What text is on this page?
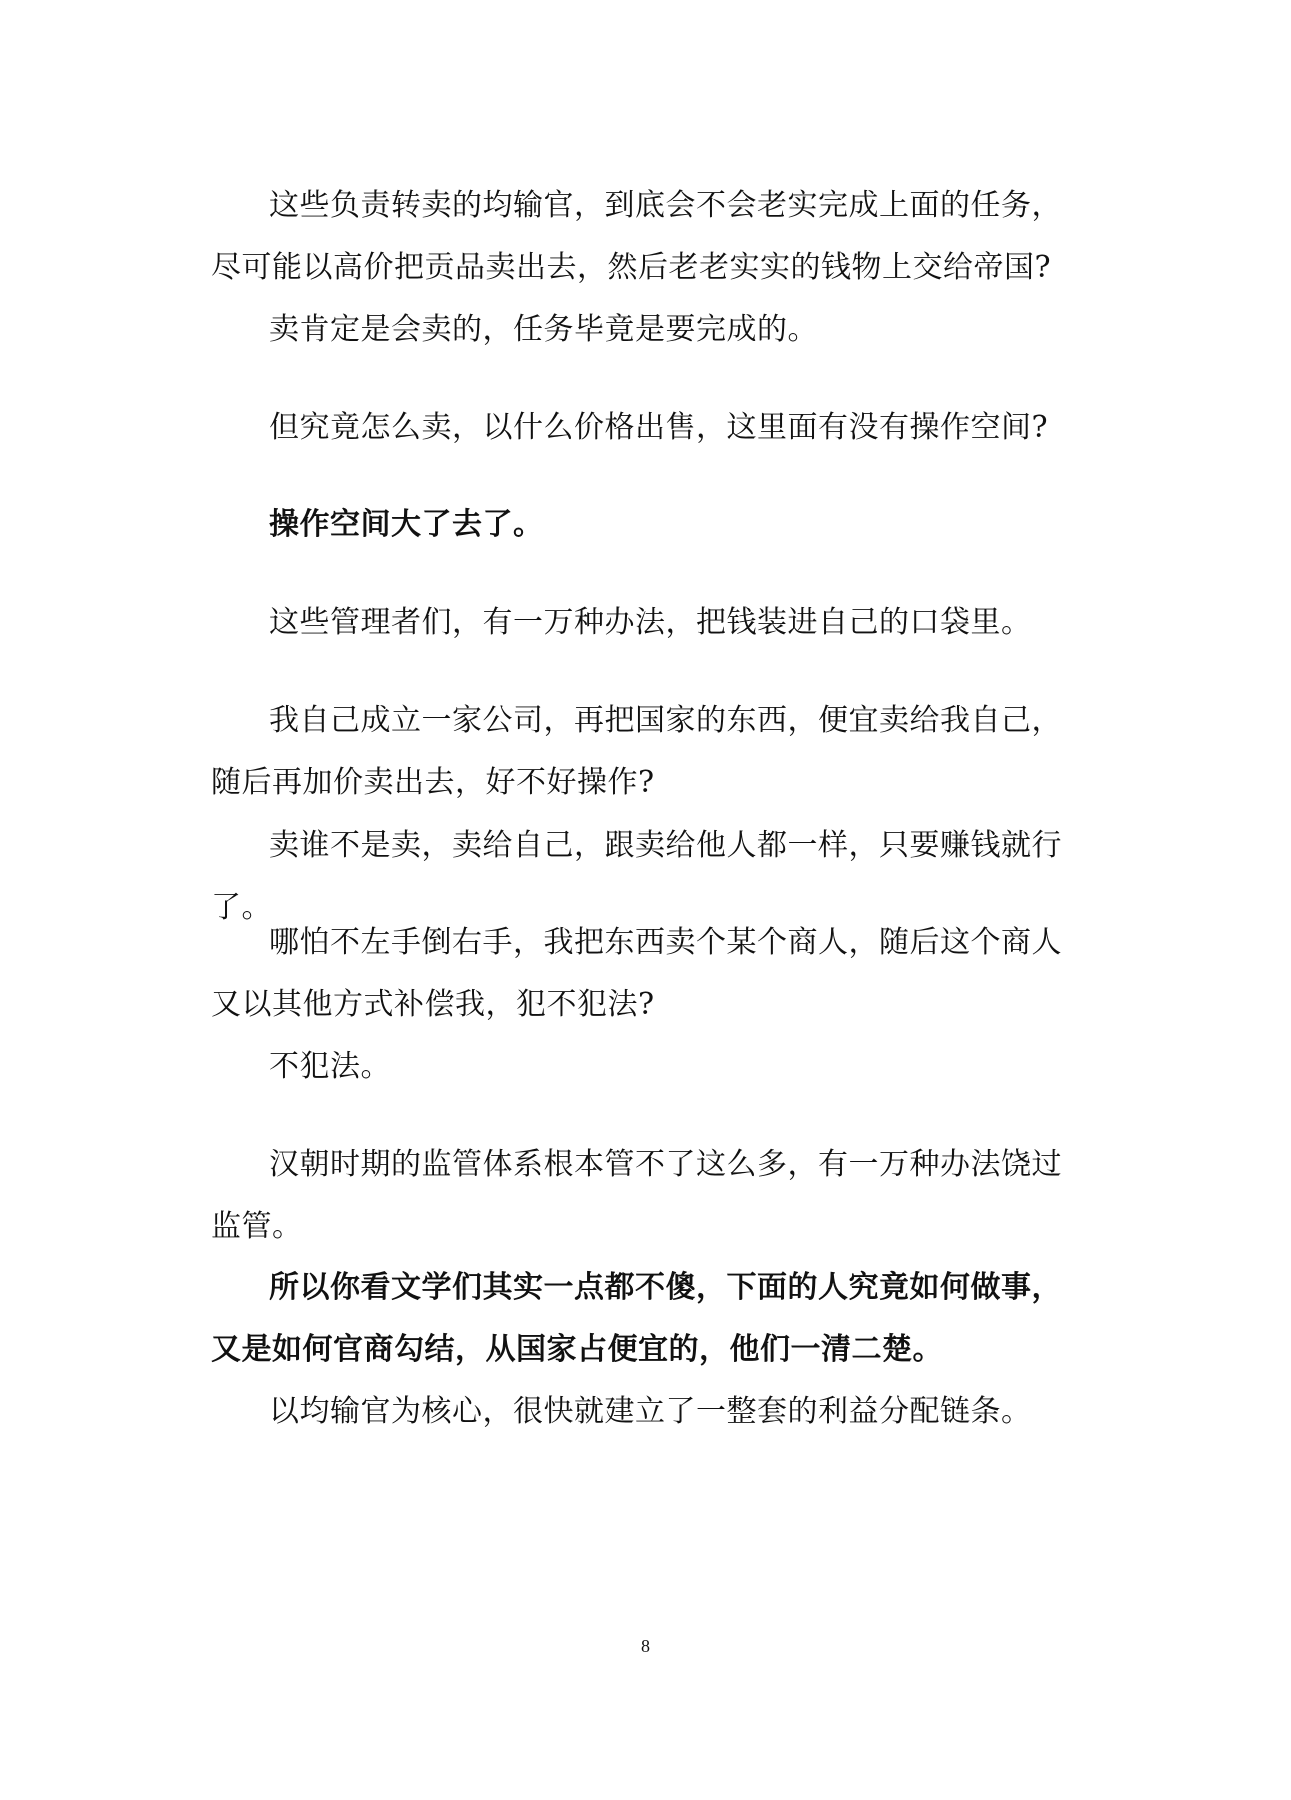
这些负责转卖的均输官，到底会不会老实完成上面的任务，尽可能以高价把贡品卖出去，然后老老实实的钱物上交给帝国?

卖肯定是会卖的，任务毕竟是要完成的。

但究竟怎么卖，以什么价格出售，这里面有没有操作空间?

操作空间大了去了。

这些管理者们，有一万种办法，把钱装进自己的口袋里。

我自己成立一家公司，再把国家的东西，便宜卖给我自己，随后再加价卖出去，好不好操作?

卖谁不是卖，卖给自己，跟卖给他人都一样，只要赚钱就行了。

哪怕不左手倒右手，我把东西卖个某个商人，随后这个商人又以其他方式补偿我，犯不犯法?

不犯法。

汉朝时期的监管体系根本管不了这么多，有一万种办法饶过监管。

所以你看文学们其实一点都不傻，下面的人究竟如何做事，又是如何官商勾结，从国家占便宜的，他们一清二楚。

以均输官为核心，很快就建立了一整套的利益分配链条。

8
